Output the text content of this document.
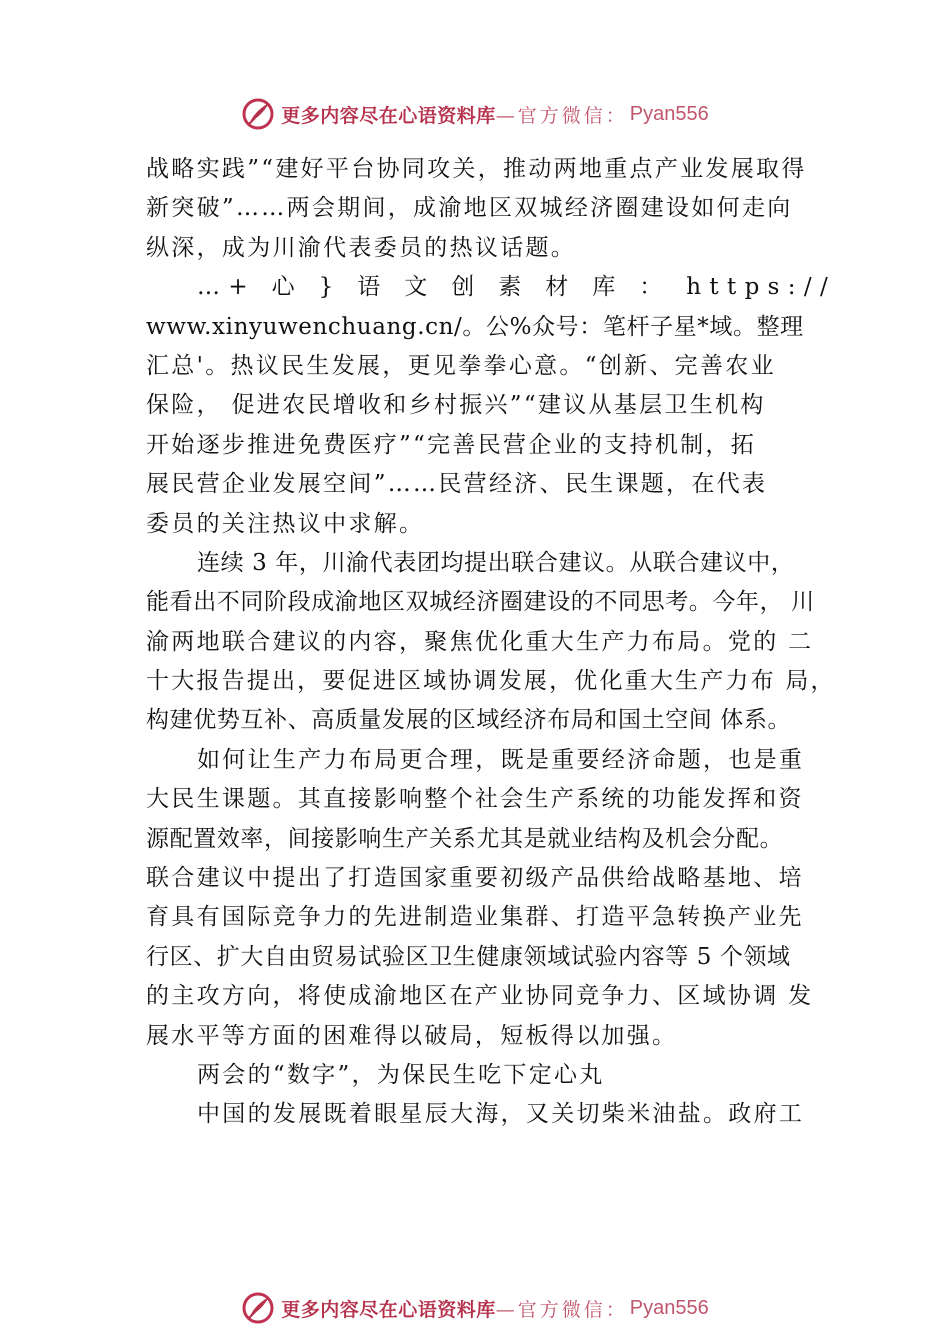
更多内容尽在心语资料库 —官方微信： Pyan556
战略实践”“建好平台协同攻关，推动两地重点产业发展取得
新突破”……两会期间，成渝地区双城经济圈建设如何走向
纵深，成为川渝代表委员的热议话题。
…+ 心 } 语 文 创 素 材 库 ： https://
www.xinyuwenchuang.cn/。公%众号：笔杆子星*域。整理
汇总'。热议民生发展，更见拳拳心意。“创新、完善农业
保险， 促进农民增收和乡村振兴”“建议从基层卫生机构
开始逐步推进免费医疗”“完善民营企业的支持机制，拓
展民营企业发展空间”……民营经济、民生课题，在代表
委员的关注热议中求解。
连续 3 年，川渝代表团均提出联合建议。从联合建议中，
能看出不同阶段成渝地区双城经济圈建设的不同思考。今年， 川
渝两地联合建议的内容，聚焦优化重大生产力布局。党的 二
十大报告提出，要促进区域协调发展，优化重大生产力布 局，
构建优势互补、高质量发展的区域经济布局和国土空间 体系。
如何让生产力布局更合理，既是重要经济命题，也是重
大民生课题。其直接影响整个社会生产系统的功能发挥和资
源配置效率，间接影响生产关系尤其是就业结构及机会分配。
联合建议中提出了打造国家重要初级产品供给战略基地、培
育具有国际竞争力的先进制造业集群、打造平急转换产业先
行区、扩大自由贸易试验区卫生健康领域试验内容等 5 个领域
的主攻方向，将使成渝地区在产业协同竞争力、区域协调 发
展水平等方面的困难得以破局，短板得以加强。
两会的“数字”，为保民生吃下定心丸
中国的发展既着眼星辰大海，又关切柴米油盐。政府工
更多内容尽在心语资料库 —官方微信： Pyan556
